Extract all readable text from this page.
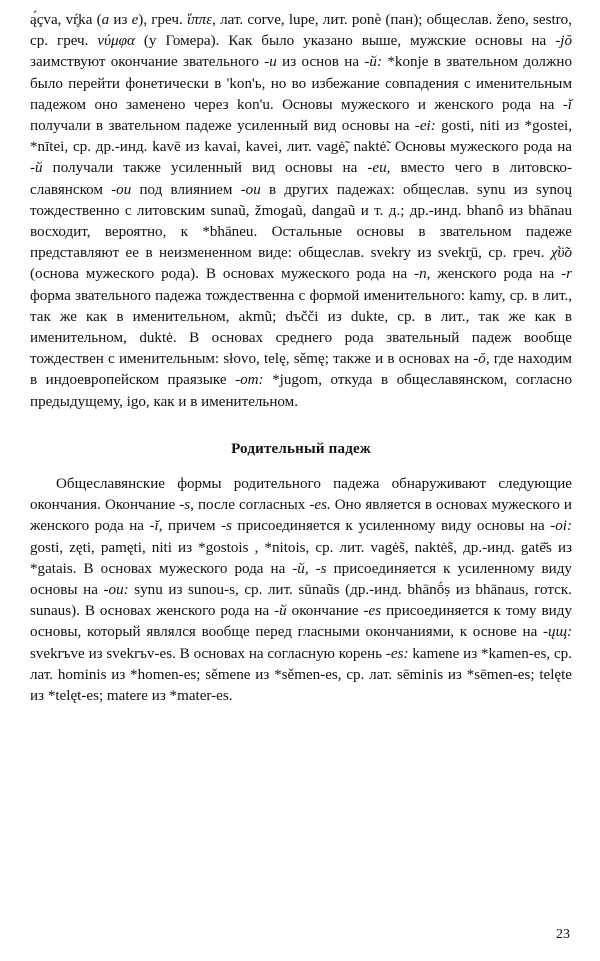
ą́çva, vŕ̥ka (a из e), греч. ἵππε, лат. corve, lupe, лит. ponè (пан); общеслав. ženo, sestro, ср. греч. νύμφα (у Гомера). Как было указано выше, мужские основы на -jŏ заимствуют окончание звательного -и из основ на -й: *konje в звательном должно было перейти фонетически в 'kon'ь, но во избежание совпадения с именительным падежом оно заменено через kon'u. Основы мужеского и женского рода на -ĭ получали в звательном падеже усиленный вид основы на -ei: gosti, niti из *gostei, *nītei, ср. др.-инд. kavē из kavai, kavei, лит. vagė̃, naktė̃. Основы мужеского рода на -й получали также усиленный вид основы на -еи, вместо чего в литовско-славянском -ои под влиянием -ои в других падежах: общеслав. synu из synoų тождественно с литовским sunaũ, žmogaũ, dangaũ и т. д.; др.-инд. bhanô из bhānau восходит, вероятно, к *bhāneu. Остальные основы в звательном падеже представляют ее в неизмененном виде: общеслав. svekry из svekr̥ū, ср. греч. χ̔ϋ̃ο (основа мужеского рода). В основах мужеского рода на -n, женского рода на -r форма звательного падежа тождественна с формой именительного: kamy, ср. в лит., так же как в именительном, akmũ; dъčči из dukte, ср. в лит., так же как в именительном, duktė. В основах среднего рода звательный падеж вообще тождествен с именительным: słovo, telę, sěmę; также и в основах на -ŏ, где находим в индоевропейском праязыке -om: *jugom, откуда в общеславянском, согласно предыдущему, igo, как и в именительном.

Родительный падеж

Общеславянские формы родительного падежа обнаруживают следующие окончания. Окончание -s, после согласных -es. Оно является в основах мужеского и женского рода на -ĭ, причем -s присоединяется к усиленному виду основы на -oi: gosti, zęti, pamęti, niti из *gostois , *nitois, ср. лит. vagės̃, naktės̃, др.-инд. gatē̆s из *gatais. В основах мужеского рода на -й, -s присоединяется к усиленному виду основы на -ои: synu из sunou-s, ср. лит. sūnaũs (др.-инд. bhānṓṣ из bhānaus, готск. sunaus). В основах женского рода на -й окончание -es присоединяется к тому виду основы, который являлся вообще перед гласными окончаниями, к основе на -ųщ: svekrъve из svekrъv-es. В основах на согласную корень -es: kamene из *kamen-es, ср. лат. hominis из *homen-es; sěmene из *sěmen-es, ср. лат. sēminis из *sēmen-es; telęte из *telęt-es; matere из *mater-es.

23
